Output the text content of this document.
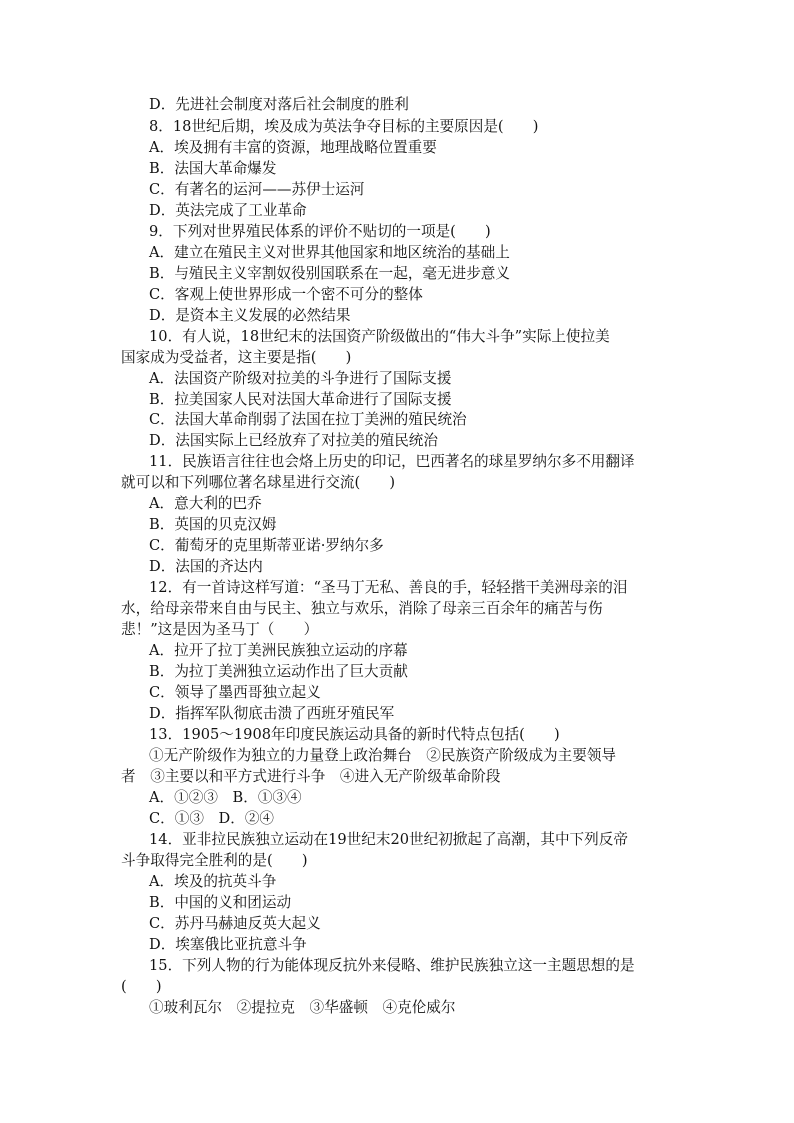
D．先进社会制度对落后社会制度的胜利
8．18世纪后期，埃及成为英法争夺目标的主要原因是(　　)
A．埃及拥有丰富的资源，地理战略位置重要
B．法国大革命爆发
C．有著名的运河——苏伊士运河
D．英法完成了工业革命
9．下列对世界殖民体系的评价不贴切的一项是(　　)
A．建立在殖民主义对世界其他国家和地区统治的基础上
B．与殖民主义宰割奴役别国联系在一起，毫无进步意义
C．客观上使世界形成一个密不可分的整体
D．是资本主义发展的必然结果
10．有人说，18世纪末的法国资产阶级做出的“伟大斗争”实际上使拉美
国家成为受益者，这主要是指(　　)
A．法国资产阶级对拉美的斗争进行了国际支援
B．拉美国家人民对法国大革命进行了国际支援
C．法国大革命削弱了法国在拉丁美洲的殖民统治
D．法国实际上已经放弃了对拉美的殖民统治
11．民族语言往往也会烙上历史的印记，巴西著名的球星罗纳尔多不用翻译
就可以和下列哪位著名球星进行交流(　　)
A．意大利的巴乔
B．英国的贝克汉姆
C．葡萄牙的克里斯蒂亚诺·罗纳尔多
D．法国的齐达内
12．有一首诗这样写道：“圣马丁无私、善良的手，轻轻揩干美洲母亲的泪
水，给母亲带来自由与民主、独立与欢乐，消除了母亲三百余年的痛苦与伤
悲！”这是因为圣马丁（　　）
A．拉开了拉丁美洲民族独立运动的序幕
B．为拉丁美洲独立运动作出了巨大贡献
C．领导了墨西哥独立起义
D．指挥军队彻底击溃了西班牙殖民军
13．1905～1908年印度民族运动具备的新时代特点包括(　　)
①无产阶级作为独立的力量登上政治舞台　②民族资产阶级成为主要领导
者　③主要以和平方式进行斗争　④进入无产阶级革命阶段
A．①②③　B．①③④
C．①③　D．②④
14．亚非拉民族独立运动在19世纪末20世纪初掀起了高潮，其中下列反帝
斗争取得完全胜利的是(　　)
A．埃及的抗英斗争
B．中国的义和团运动
C．苏丹马赫迪反英大起义
D．埃塞俄比亚抗意斗争
15．下列人物的行为能体现反抗外来侵略、维护民族独立这一主题思想的是
(　　)
①玻利瓦尔　②提拉克　③华盛顿　④克伦威尔
